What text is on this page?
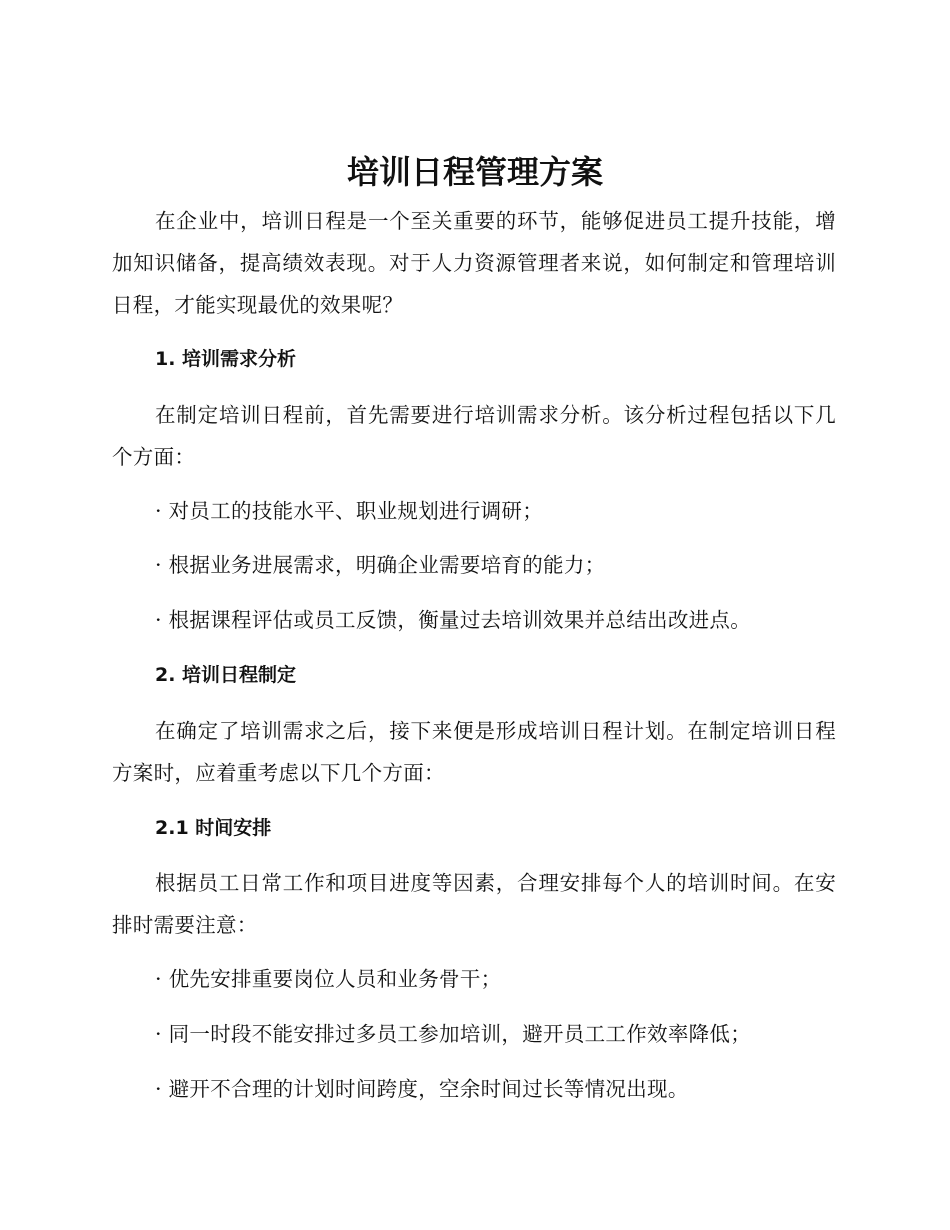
培训日程管理方案

在企业中，培训日程是一个至关重要的环节，能够促进员工提升技能，增加知识储备，提高绩效表现。对于人力资源管理者来说，如何制定和管理培训日程，才能实现最优的效果呢？

1. 培训需求分析

在制定培训日程前，首先需要进行培训需求分析。该分析过程包括以下几个方面：

· 对员工的技能水平、职业规划进行调研；

· 根据业务进展需求，明确企业需要培育的能力；

· 根据课程评估或员工反馈，衡量过去培训效果并总结出改进点。

2. 培训日程制定

在确定了培训需求之后，接下来便是形成培训日程计划。在制定培训日程方案时，应着重考虑以下几个方面：

2.1 时间安排

根据员工日常工作和项目进度等因素，合理安排每个人的培训时间。在安排时需要注意：

· 优先安排重要岗位人员和业务骨干；

· 同一时段不能安排过多员工参加培训，避开员工工作效率降低；

· 避开不合理的计划时间跨度，空余时间过长等情况出现。
